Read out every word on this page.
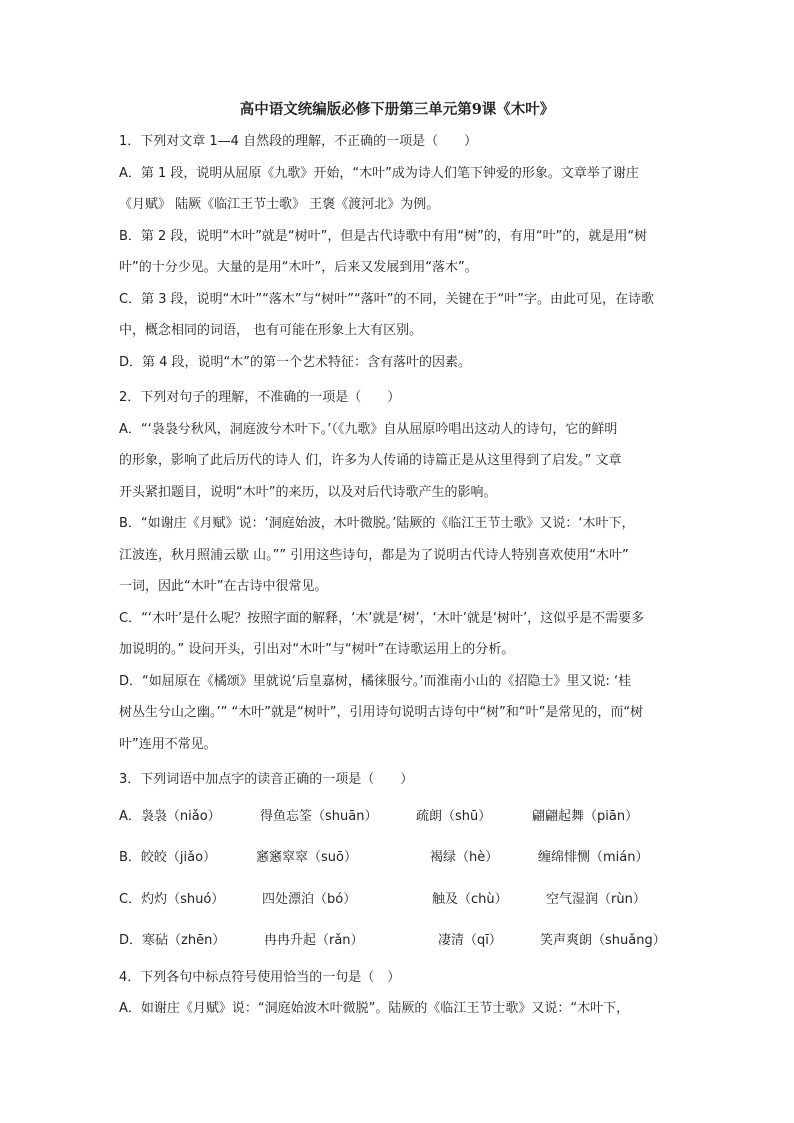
高中语文统编版必修下册第三单元第9课《木叶》
1．下列对文章 1—4 自然段的理解，不正确的一项是（　　）
A．第 1 段，说明从屈原《九歌》开始，“木叶”成为诗人们笔下钟爱的形象。文章举了谢庄
《月赋》 陆厥《临江王节士歌》 王褒《渡河北》为例。
B．第 2 段，说明“木叶”就是“树叶”，但是古代诗歌中有用“树”的，有用“叶”的，就是用“树
叶”的十分少见。大量的是用“木叶”，后来又发展到用“落木”。
C．第 3 段，说明“木叶”“落木”与“树叶”“落叶”的不同，关键在于“叶”字。由此可见，在诗歌
中，概念相同的词语， 也有可能在形象上大有区别。
D．第 4 段，说明“木”的第一个艺术特征：含有落叶的因素。
2．下列对句子的理解，不准确的一项是（　　）
A．“‘袅袅兮秋风，洞庭波兮木叶下。’（《九歌》自从屈原吟唱出这动人的诗句，它的鲜明
的形象，影响了此后历代的诗人 们，许多为人传诵的诗篇正是从这里得到了启发。” 文章
开头紧扣题目，说明“木叶”的来历，以及对后代诗歌产生的影响。
B．“如谢庄《月赋》说：‘洞庭始波，木叶微脱。’陆厥的《临江王节士歌》又说：‘木叶下，
江波连，秋月照浦云歇 山。”” 引用这些诗句，都是为了说明古代诗人特别喜欢使用“木叶”
一词，因此“木叶”在古诗中很常见。
C．“‘木叶’是什么呢？按照字面的解释，‘木’就是‘树’，‘木叶’就是‘树叶’，这似乎是不需要多
加说明的。” 设问开头，引出对“木叶”与“树叶”在诗歌运用上的分析。
D．“如屈原在《橘颂》里就说‘后皇嘉树，橘徕服兮。’而淮南小山的《招隐士》里又说: ‘桂
树丛生兮山之幽。’” “木叶”就是“树叶”，引用诗句说明古诗句中“树”和“叶”是常见的，而“树
叶”连用不常见。
3．下列词语中加点字的读音正确的一项是（　　）
A．袅袅（niǎo）	得鱼忘筌（shuān）	疏朗（shū）	翩翩起舞（piān）
B．皎皎（jiǎo）	窸窸窣窣（suō）	褐绿（hè）	缠绵悱恻（mián）
C．灼灼（shuó）	四处漂泊（bó）	触及（chù）	空气湿润（rùn）
D．寒砧（zhēn）	冉冉升起（rǎn）	凄清（qī）	笑声爽朗（shuǎng）
4．下列各句中标点符号使用恰当的一句是（　）
A．如谢庄《月赋》说：“洞庭始波木叶微脱”。陆厥的《临江王节士歌》又说：“木叶下，
